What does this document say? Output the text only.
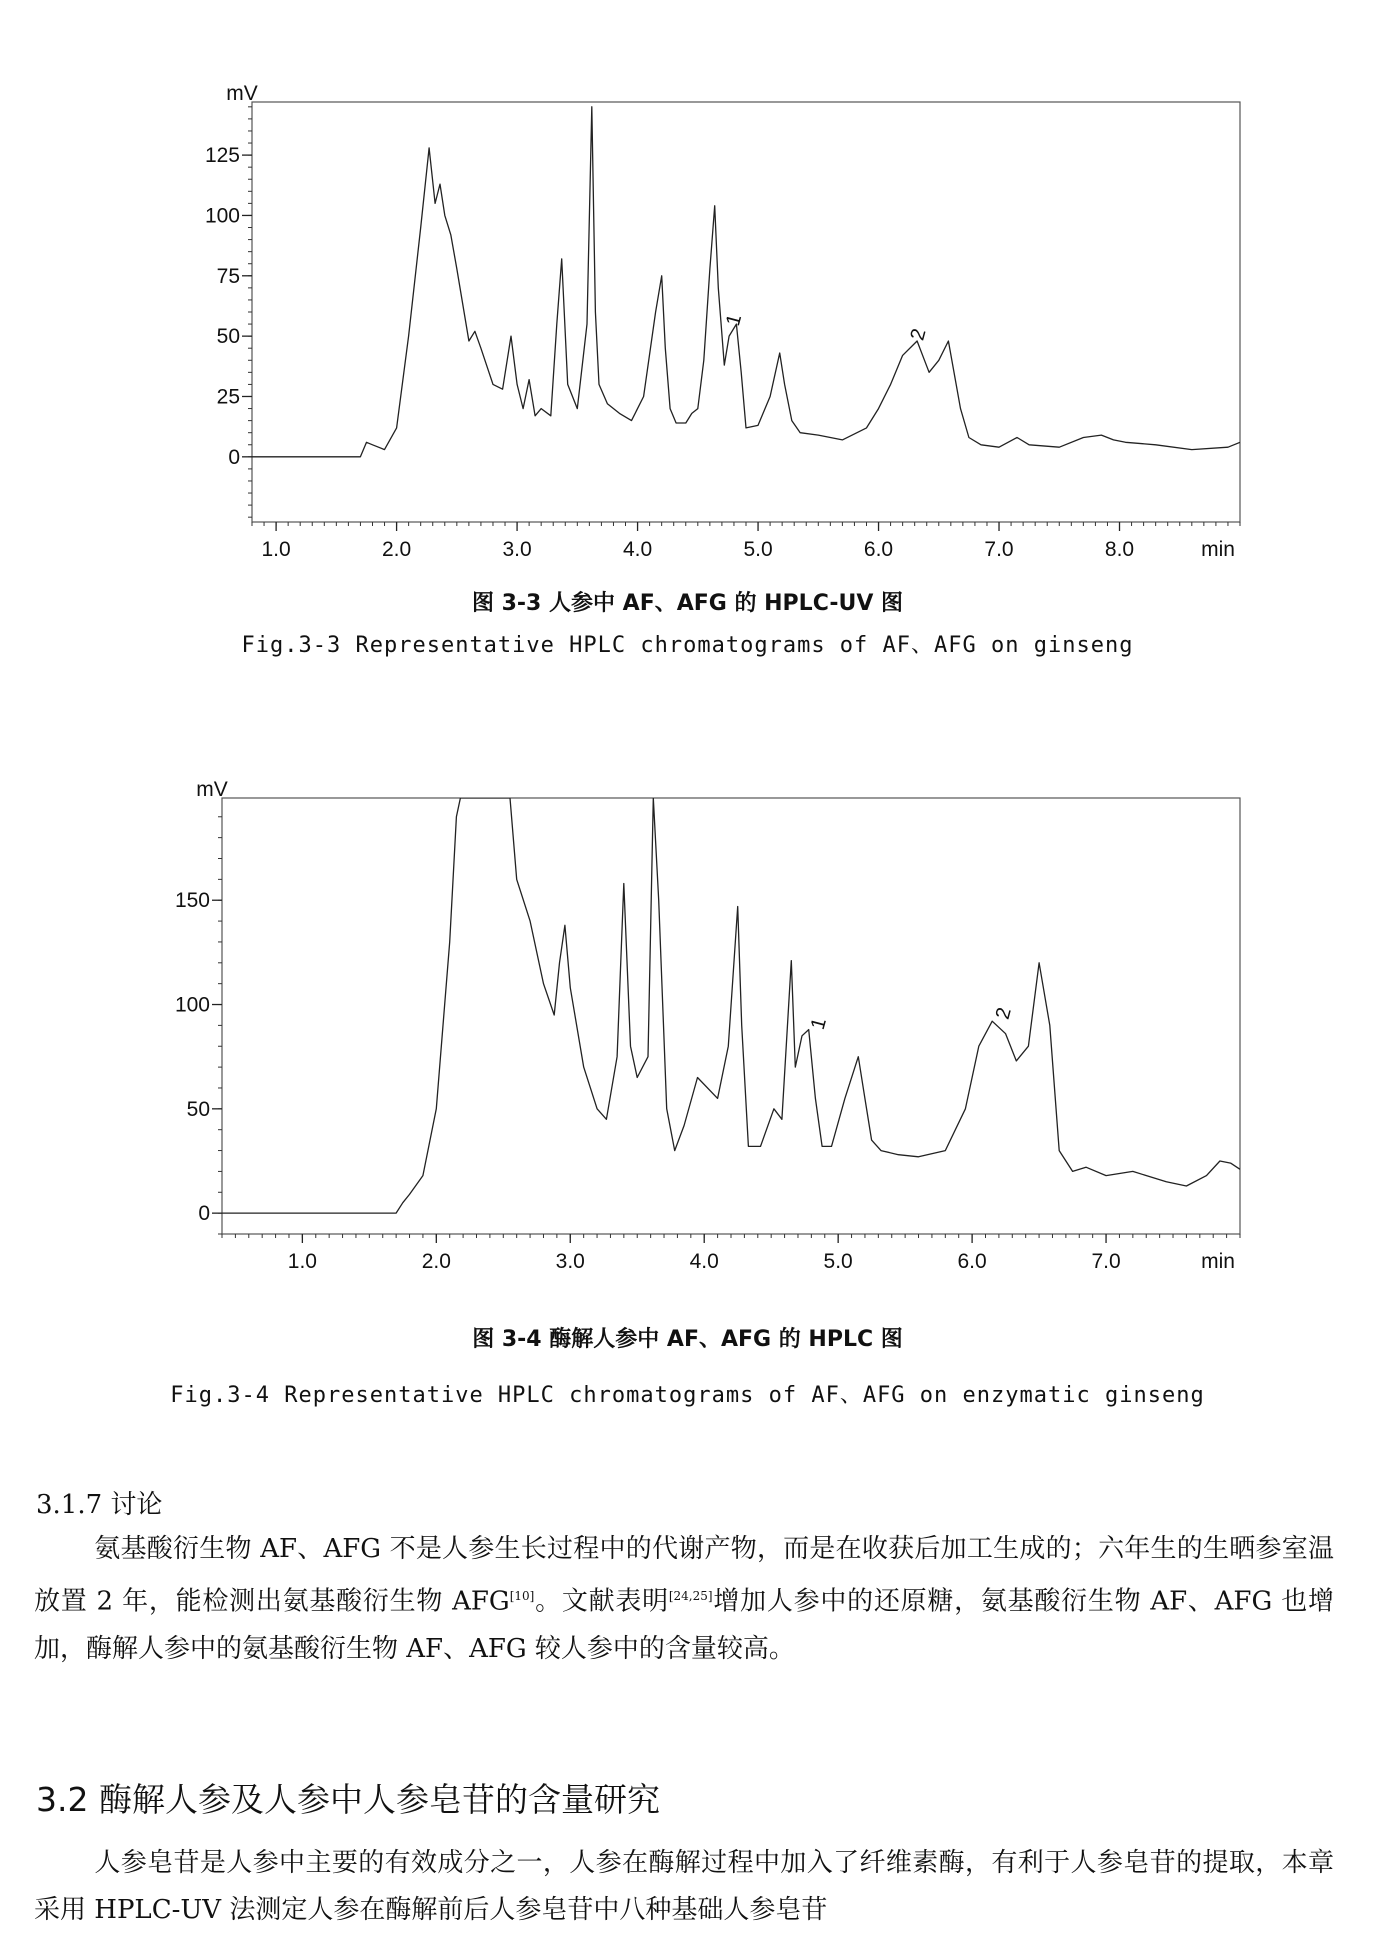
1.0	2.0	3.0	4.0	5.0	6.0	7.0	8.0
0
25
50
75
100
125
mV
min
1
2
图 3-3 人参中 AF、AFG 的 HPLC-UV 图
Fig.3-3 Representative HPLC chromatograms of AF、AFG on ginseng
1.0	2.0	3.0	4.0	5.0	6.0	7.0
0
50
100
150
mV
min
1
2
图 3-4 酶解人参中 AF、AFG 的 HPLC 图
Fig.3-4 Representative HPLC chromatograms of AF、AFG on enzymatic ginseng
3.1.7 讨论
氨基酸衍生物 AF、AFG 不是人参生长过程中的代谢产物，而是在收获后加工生成的；六年生的生晒参室温放置 2 年，能检测出氨基酸衍生物 AFG[10]。文献表明[24,25]增加人参中的还原糖，氨基酸衍生物 AF、AFG 也增加，酶解人参中的氨基酸衍生物 AF、AFG 较人参中的含量较高。
3.2 酶解人参及人参中人参皂苷的含量研究
人参皂苷是人参中主要的有效成分之一，人参在酶解过程中加入了纤维素酶，有利于人参皂苷的提取，本章采用 HPLC-UV 法测定人参在酶解前后人参皂苷中八种基础人参皂苷
